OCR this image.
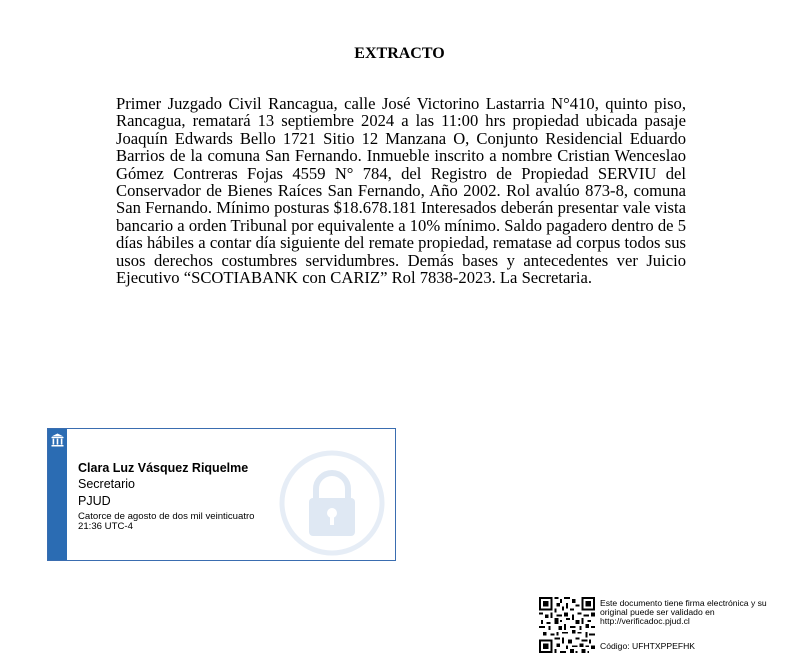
EXTRACTO
Primer Juzgado Civil Rancagua, calle José Victorino Lastarria N°410, quinto piso, Rancagua, rematará 13 septiembre 2024 a las 11:00 hrs propiedad ubicada pasaje Joaquín Edwards Bello 1721 Sitio 12 Manzana O, Conjunto Residencial Eduardo Barrios de la comuna San Fernando. Inmueble inscrito a nombre Cristian Wenceslao Gómez Contreras Fojas 4559 N° 784, del Registro de Propiedad SERVIU del Conservador de Bienes Raíces San Fernando, Año 2002. Rol avalúo 873-8, comuna San Fernando. Mínimo posturas $18.678.181 Interesados deberán presentar vale vista bancario a orden Tribunal por equivalente a 10% mínimo. Saldo pagadero dentro de 5 días hábiles a contar día siguiente del remate propiedad, rematase ad corpus todos sus usos derechos costumbres servidumbres. Demás bases y antecedentes ver Juicio Ejecutivo “SCOTIABANK con CARIZ” Rol 7838-2023. La Secretaria.
Clara Luz Vásquez Riquelme
Secretario
PJUD
Catorce de agosto de dos mil veinticuatro
21:36 UTC-4
Este documento tiene firma electrónica y su original puede ser validado en http://verificadoc.pjud.cl
Código: UFHTXPPEFHK
